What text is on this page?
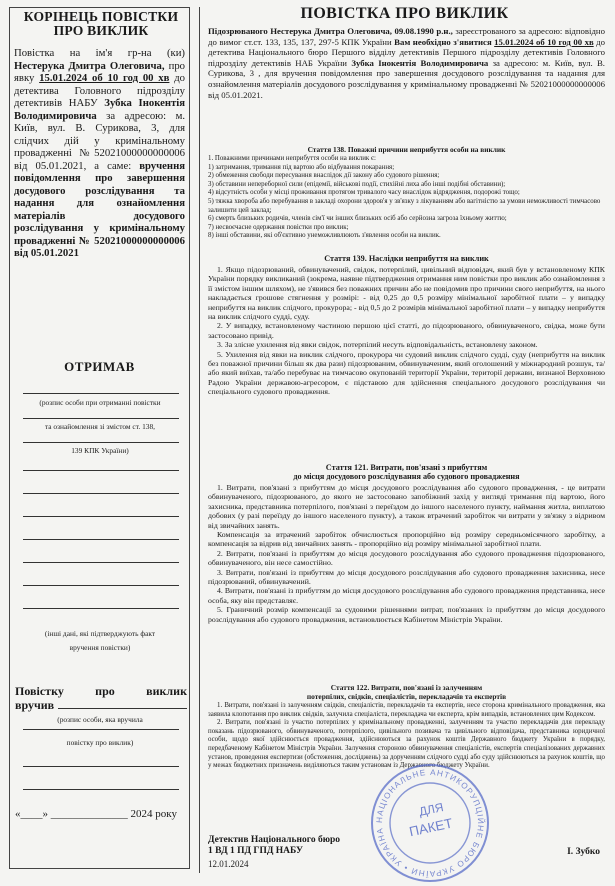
КОРІНЕЦЬ ПОВІСТКИ ПРО ВИКЛИК
Повістка на ім'я гр-на (ки) Нестерука Дмитра Олеговича, про явку 15.01.2024 об 10 год 00 хв до детектива Головного підрозділу детективів НАБУ Зубка Інокентія Володимировича за адресою: м. Київ, вул. В. Сурикова, 3, для слідчих дій у кримінальному провадженні №52021000000000006 від 05.01.2021, а саме: вручення повідомлення про завершення досудового розслідування та надання для ознайомлення матеріалів досудового розслідування у кримінальному провадженні № 52021000000000006 від 05.01.2021
ОТРИМАВ
(розпис особи при отриманні повістки
та ознайомлення зі змістом ст. 138,
139 КПК України)
(інші дані, які підтверджують факт
вручення повістки)
Повістку	про	виклик
вручив
(розпис особи, яка вручила
повістку про виклик)
«____» ______________ 2024 року
ПОВІСТКА ПРО ВИКЛИК
Підозрюваного Нестерука Дмитра Олеговича, 09.08.1990 р.н., зареєстрованого за адресою: відповідно до вимог ст.ст. 133, 135, 137, 297-5 КПК України Вам необхідно з'явитися 15.01.2024 об 10 год 00 хв до детектива Національного бюро Першого відділу детективів Першого підрозділу детективів Головного підрозділу детективів НАБ України Зубка Інокентія Володимировича за адресою: м. Київ, вул. В. Сурикова, 3 , для вручення повідомлення про завершення досудового розслідування та надання для ознайомлення матеріалів досудового розслідування у кримінальному провадженні № 52021000000000006 від 05.01.2021.
Стаття 138. Поважні причини неприбуття особи на виклик

1. Поважними причинами неприбуття особи на виклик є:

1) затримання, тримання під вартою або відбування покарання;

2) обмеження свободи пересування внаслідок дії закону або судового рішення;

3) обставини непереборної сили (епідемії, військові події, стихійні лиха або інші подібні обставини);

4) відсутність особи у місці проживання протягом тривалого часу внаслідок відрядження, подорожі тощо;

5) тяжка хвороба або перебування в закладі охорони здоров'я у зв'язку з лікуванням або вагітністю за умови неможливості тимчасово залишити цей заклад;

6) смерть близьких родичів, членів сім'ї чи інших близьких осіб або серйозна загроза їхньому життю;

7) несвоєчасне одержання повістки про виклик;

8) інші обставини, які об'єктивно унеможливлюють з'явлення особи на виклик.

Стаття 139. Наслідки неприбуття на виклик

1. Якщо підозрюваний, обвинувачений, свідок, потерпілий, цивільний відповідач, який був у встановленому КПК України порядку викликаний (зокрема, наявне підтвердження отримання ним повістки про виклик або ознайомлення з її змістом іншим шляхом), не з'явився без поважних причин або не повідомив про причини свого неприбуття, на нього накладається грошове стягнення у розмірі: - від 0,25 до 0,5 розміру мінімальної заробітної плати – у випадку неприбуття на виклик слідчого, прокурора; - від 0,5 до 2 розмірів мінімальної заробітної плати – у випадку неприбуття на виклик слідчого судді, суду.

2. У випадку, встановленому частиною першою цієї статті, до підозрюваного, обвинуваченого, свідка, може бути застосовано привід.

3. За злісне ухилення від явки свідок, потерпілий несуть відповідальність, встановлену законом.

5. Ухилення від явки на виклик слідчого, прокурора чи судовий виклик слідчого судді, суду (неприбуття на виклик без поважної причини більш як два рази) підозрюваним, обвинуваченим, який оголошений у міжнародний розшук, та/або який виїхав, та/або перебуває на тимчасово окупованій території України, території держави, визнаної Верховною Радою України державою-агресором, є підставою для здійснення спеціального досудового розслідування чи спеціального судового провадження.

Стаття 121. Витрати, пов'язані з прибуттям
до місця досудового розслідування або судового провадження

1. Витрати, пов'язані з прибуттям до місця досудового розслідування або судового провадження, - це витрати обвинуваченого, підозрюваного, до якого не застосовано запобіжний захід у вигляді тримання під вартою, його захисника, представника потерпілого, пов'язані з переїздом до іншого населеного пункту, наймання житла, виплатою добових (у разі переїзду до іншого населеного пункту), а також втрачений заробіток чи витрати у зв'язку з відривом від звичайних занять.

Компенсація за втрачений заробіток обчислюється пропорційно від розміру середньомісячного заробітку, а компенсація за відрив від звичайних занять - пропорційно від розміру мінімальної заробітної плати.

2. Витрати, пов'язані із прибуттям до місця досудового розслідування або судового провадження підозрюваного, обвинуваченого, він несе самостійно.

3. Витрати, пов'язані із прибуттям до місця досудового розслідування або судового провадження захисника, несе підозрюваний, обвинувачений.

4. Витрати, пов'язані із прибуттям до місця досудового розслідування або судового провадження представника, несе особа, яку він представляє.

5. Граничний розмір компенсації за судовими рішеннями витрат, пов'язаних із прибуттям до місця досудового розслідування або судового провадження, встановлюється Кабінетом Міністрів України.

Стаття 122. Витрати, пов'язані із залученням
потерпілих, свідків, спеціалістів, перекладачів та експертів

1. Витрати, пов'язані із залученням свідків, спеціалістів, перекладачів та експертів, несе сторона кримінального провадження, яка заявила клопотання про виклик свідків, залучила спеціаліста, перекладача чи експерта, крім випадків, встановлених цим Кодексом.

2. Витрати, пов'язані із участю потерпілих у кримінальному провадженні, залученням та участю перекладачів для перекладу показань підозрюваного, обвинуваченого, потерпілого, цивільного позивача та цивільного відповідача, представника юридичної особи, щодо якої здійснюється провадження, здійснюються за рахунок коштів Державного бюджету України в порядку, передбаченому Кабінетом Міністрів України. Залучення стороною обвинувачення спеціалістів, експертів спеціалізованих державних установ, проведення експертизи (обстеження, досліджень) за дорученням слідчого судді або суду здійснюються за рахунок коштів, що у межах бюджетних призначень виділяються таким установам із Державного бюджету України.

Детектив Національного бюро
1 ВД 1 ПД ГПД НАБУ	І. Зубко
12.01.2024
НАЦІОНАЛЬНЕ АНТИКОРУПЦІЙНЕ БЮРО УКРАЇНИ • УКРАЇНА
ДЛЯ
ПАКЕТ
